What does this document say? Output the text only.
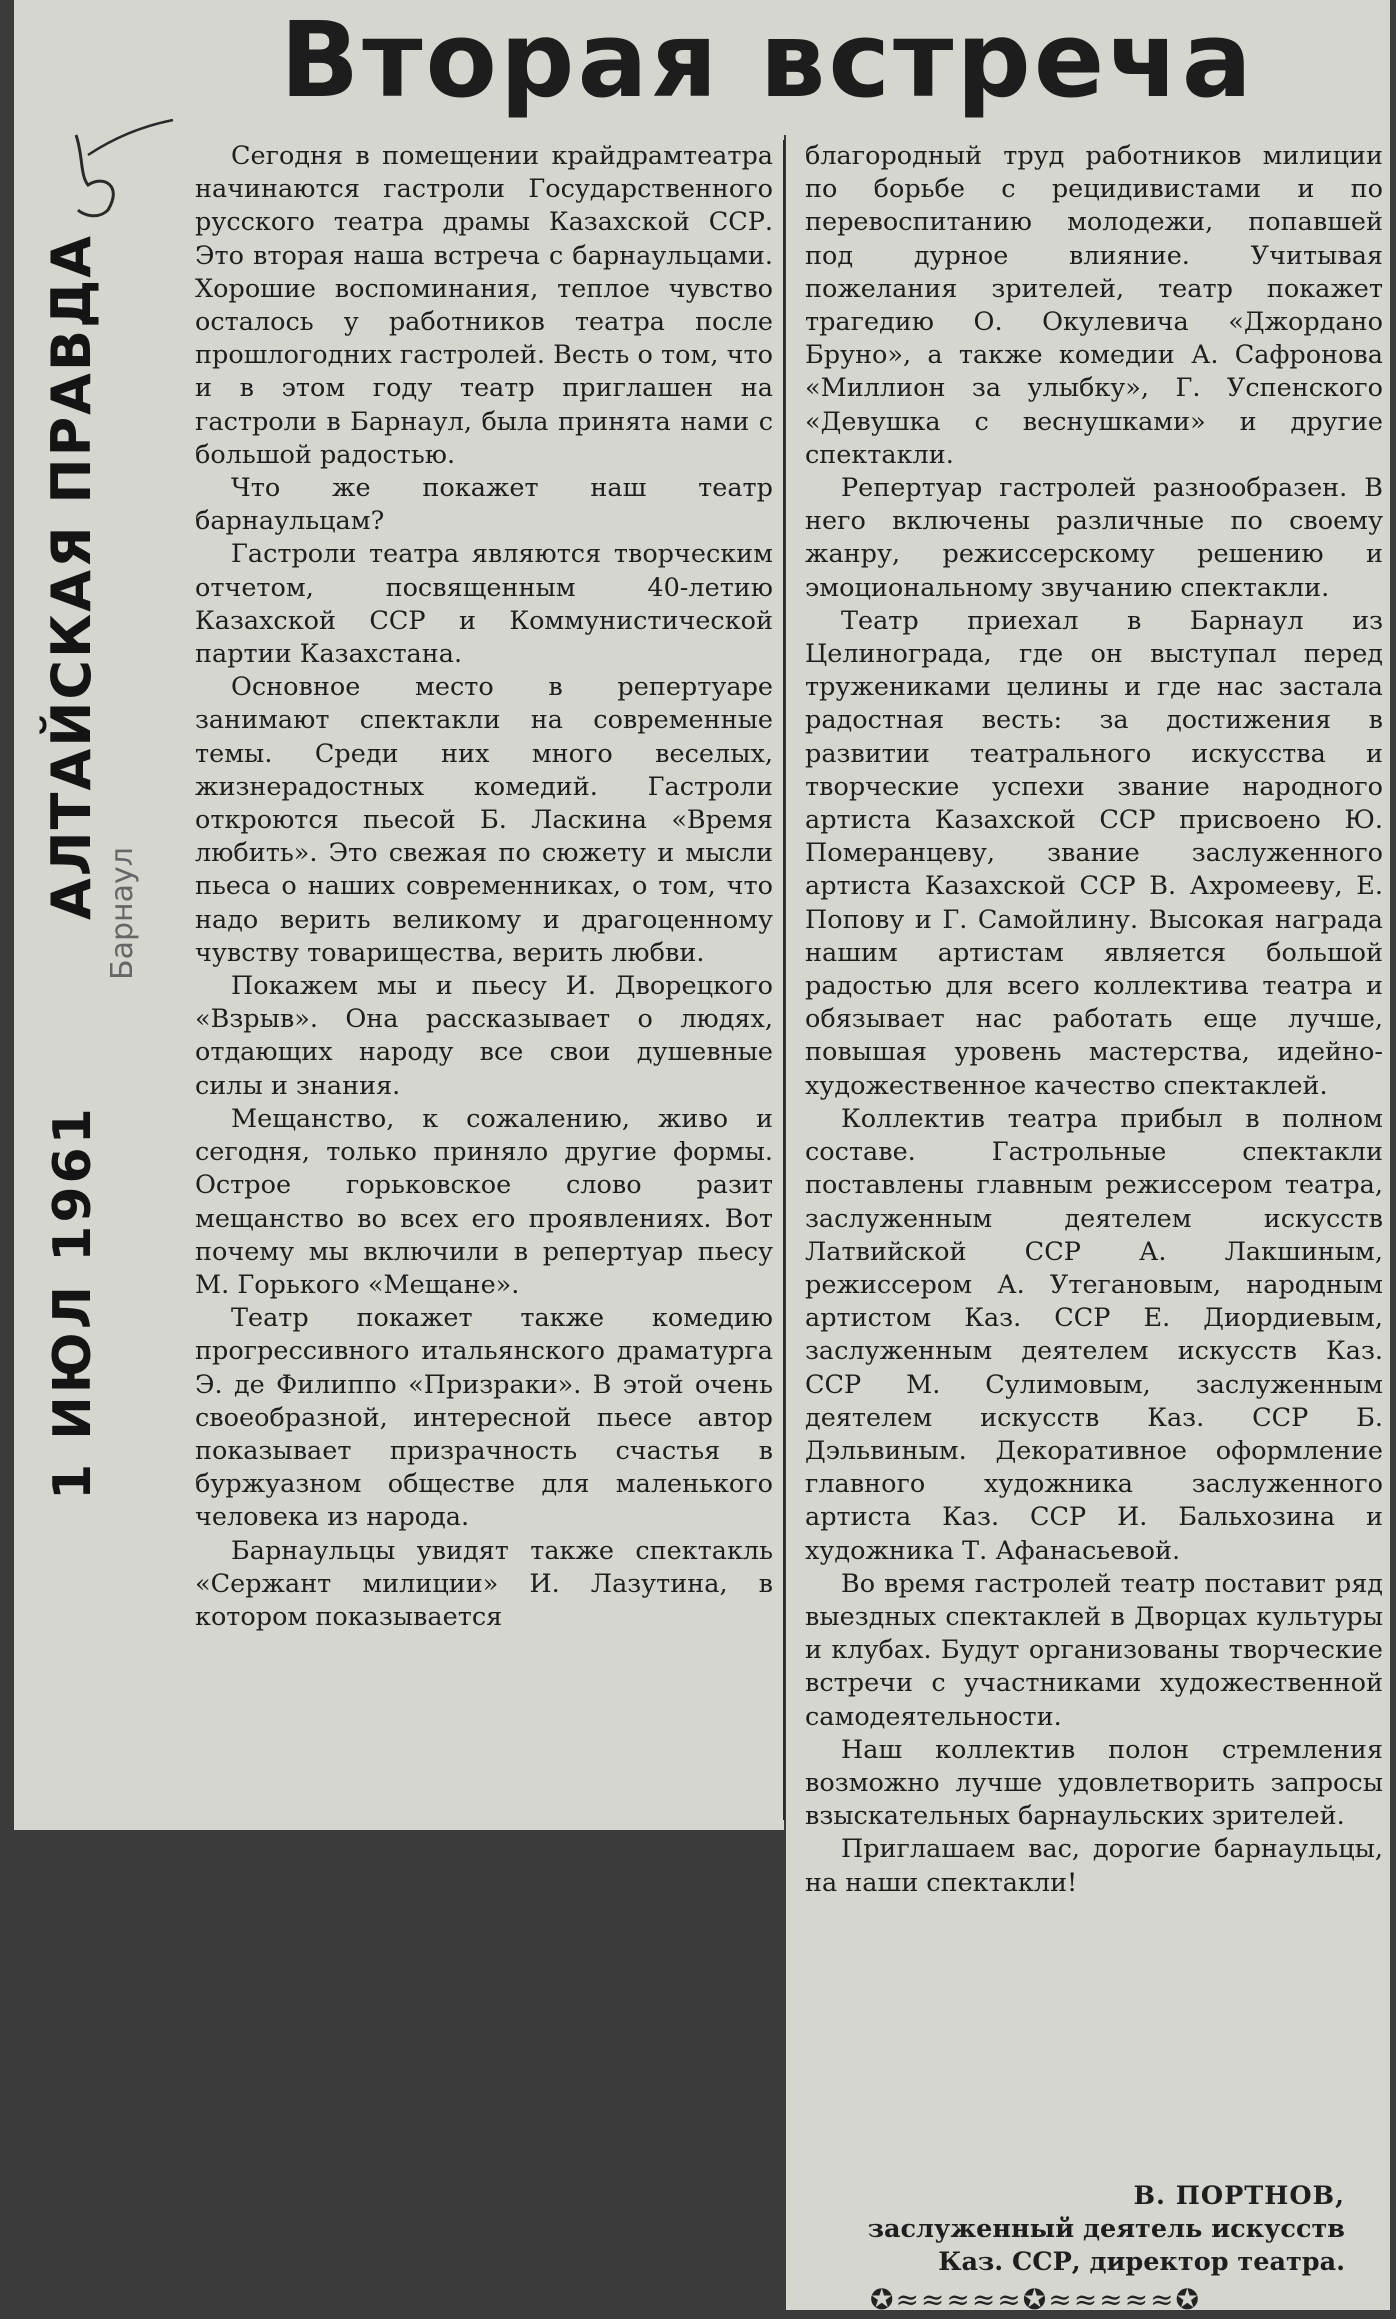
Вторая встреча
1 ИЮЛ 1961 АЛТАЙСКАЯ ПРАВДА Барнаул

Сегодня в помещении крайдрамтеатра начинаются гастроли Государственного русского театра драмы Казахской ССР. Это вторая наша встреча с барнаульцами. Хорошие воспоминания, теплое чувство осталось у работников театра после прошлогодних гастролей. Весть о том, что и в этом году театр приглашен на гастроли в Барнаул, была принята нами с большой радостью.

Что же покажет наш театр барнаульцам?

Гастроли театра являются творческим отчетом, посвященным 40-летию Казахской ССР и Коммунистической партии Казахстана.

Основное место в репертуаре занимают спектакли на современные темы. Среди них много веселых, жизнерадостных комедий. Гастроли откроются пьесой Б. Ласкина «Время любить». Это свежая по сюжету и мысли пьеса о наших современниках, о том, что надо верить великому и драгоценному чувству товарищества, верить любви.

Покажем мы и пьесу И. Дворецкого «Взрыв». Она рассказывает о людях, отдающих народу все свои душевные силы и знания.

Мещанство, к сожалению, живо и сегодня, только приняло другие формы. Острое горьковское слово разит мещанство во всех его проявлениях. Вот почему мы включили в репертуар пьесу М. Горького «Мещане».

Театр покажет также комедию прогрессивного итальянского драматурга Э. де Филиппо «Призраки». В этой очень своеобразной, интересной пьесе автор показывает призрачность счастья в буржуазном обществе для маленького человека из народа.

Барнаульцы увидят также спектакль «Сержант милиции» И. Лазутина, в котором показывается

благородный труд работников милиции по борьбе с рецидивистами и по перевоспитанию молодежи, попавшей под дурное влияние. Учитывая пожелания зрителей, театр покажет трагедию О. Окулевича «Джордано Бруно», а также комедии А. Сафронова «Миллион за улыбку», Г. Успенского «Девушка с веснушками» и другие спектакли.

Репертуар гастролей разнообразен. В него включены различные по своему жанру, режиссерскому решению и эмоциональному звучанию спектакли.

Театр приехал в Барнаул из Целинограда, где он выступал перед тружениками целины и где нас застала радостная весть: за достижения в развитии театрального искусства и творческие успехи звание народного артиста Казахской ССР присвоено Ю. Померанцеву, звание заслуженного артиста Казахской ССР В. Ахромееву, Е. Попову и Г. Самойлину. Высокая награда нашим артистам является большой радостью для всего коллектива театра и обязывает нас работать еще лучше, повышая уровень мастерства, идейно-художественное качество спектаклей.

Коллектив театра прибыл в полном составе. Гастрольные спектакли поставлены главным режиссером театра, заслуженным деятелем искусств Латвийской ССР А. Лакшиным, режиссером А. Утегановым, народным артистом Каз. ССР Е. Диордиевым, заслуженным деятелем искусств Каз. ССР М. Сулимовым, заслуженным деятелем искусств Каз. ССР Б. Дэльвиным. Декоративное оформление главного художника заслуженного артиста Каз. ССР И. Бальхозина и художника Т. Афанасьевой.

Во время гастролей театр поставит ряд выездных спектаклей в Дворцах культуры и клубах. Будут организованы творческие встречи с участниками художественной самодеятельности.

Наш коллектив полон стремления возможно лучше удовлетворить запросы взыскательных барнаульских зрителей.

Приглашаем вас, дорогие барнаульцы, на наши спектакли!

В. ПОРТНОВ,
заслуженный деятель искусств
Каз. ССР, директор театра.
✪≈≈≈≈≈✪≈≈≈≈≈✪
